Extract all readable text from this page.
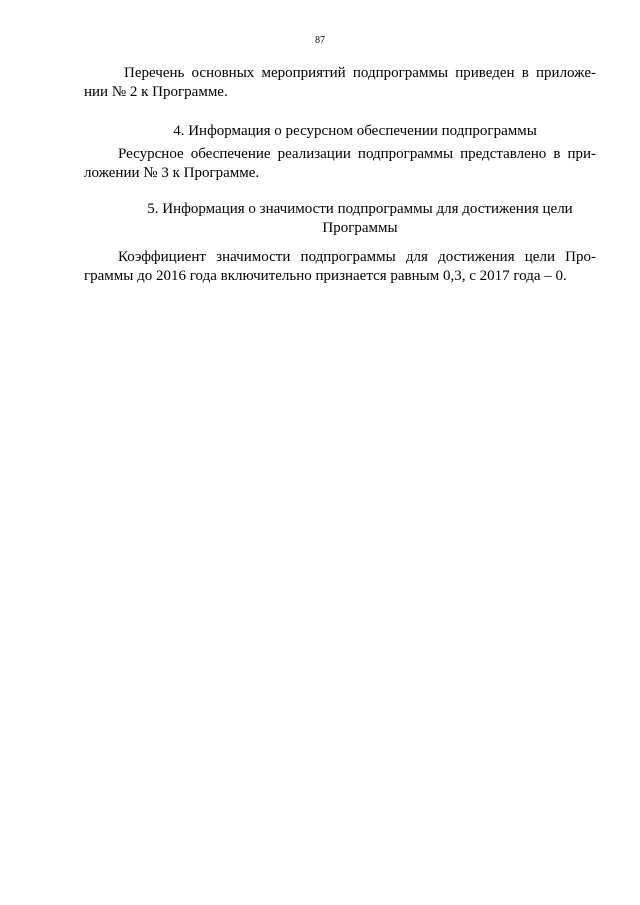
87
Перечень основных мероприятий подпрограммы приведен в приложе-
нии № 2 к Программе.
4. Информация о ресурсном обеспечении подпрограммы
Ресурсное обеспечение реализации подпрограммы представлено в при-
ложении № 3 к Программе.
5. Информация о значимости подпрограммы для достижения цели
Программы
Коэффициент значимости подпрограммы для достижения цели Про-
граммы до 2016 года включительно признается равным 0,3, с 2017 года – 0.
